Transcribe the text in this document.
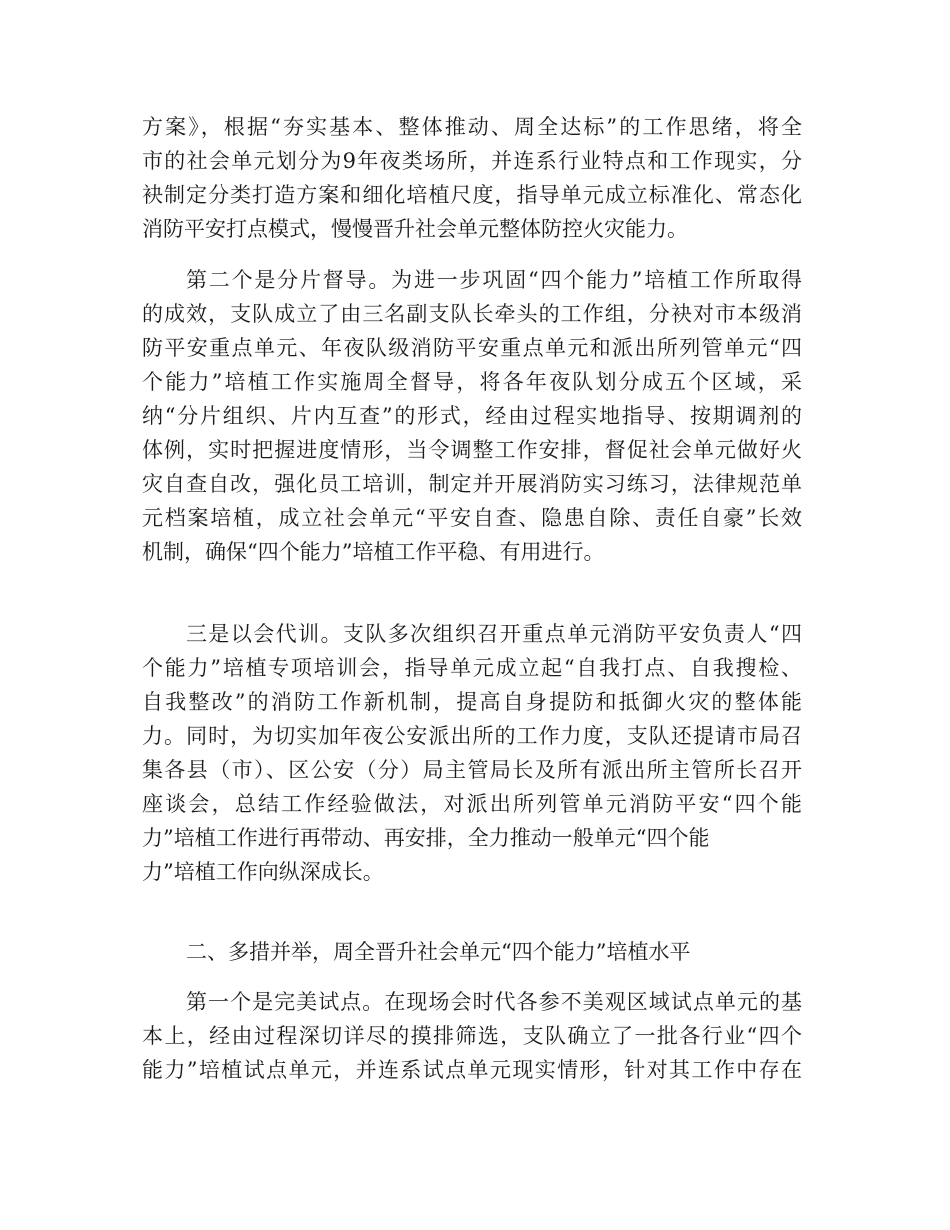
方案》，根据“夯实基本、整体推动、周全达标”的工作思绪，将全
市的社会单元划分为9年夜类场所，并连系行业特点和工作现实，分
袂制定分类打造方案和细化培植尺度，指导单元成立标准化、常态化
消防平安打点模式，慢慢晋升社会单元整体防控火灾能力。
第二个是分片督导。为进一步巩固“四个能力”培植工作所取得
的成效，支队成立了由三名副支队长牵头的工作组，分袂对市本级消
防平安重点单元、年夜队级消防平安重点单元和派出所列管单元“四
个能力”培植工作实施周全督导，将各年夜队划分成五个区域，采
纳“分片组织、片内互查”的形式，经由过程实地指导、按期调剂的
体例，实时把握进度情形，当令调整工作安排，督促社会单元做好火
灾自查自改，强化员工培训，制定并开展消防实习练习，法律规范单
元档案培植，成立社会单元“平安自查、隐患自除、责任自豪”长效
机制，确保“四个能力”培植工作平稳、有用进行。
三是以会代训。支队多次组织召开重点单元消防平安负责人“四
个能力”培植专项培训会，指导单元成立起“自我打点、自我搜检、
自我整改”的消防工作新机制，提高自身提防和抵御火灾的整体能
力。同时，为切实加年夜公安派出所的工作力度，支队还提请市局召
集各县（市）、区公安（分）局主管局长及所有派出所主管所长召开
座谈会，总结工作经验做法，对派出所列管单元消防平安“四个能
力”培植工作进行再带动、再安排，全力推动一般单元“四个能
力”培植工作向纵深成长。
二、多措并举，周全晋升社会单元“四个能力”培植水平
第一个是完美试点。在现场会时代各参不美观区域试点单元的基
本上，经由过程深切详尽的摸排筛选，支队确立了一批各行业“四个
能力”培植试点单元，并连系试点单元现实情形，针对其工作中存在
